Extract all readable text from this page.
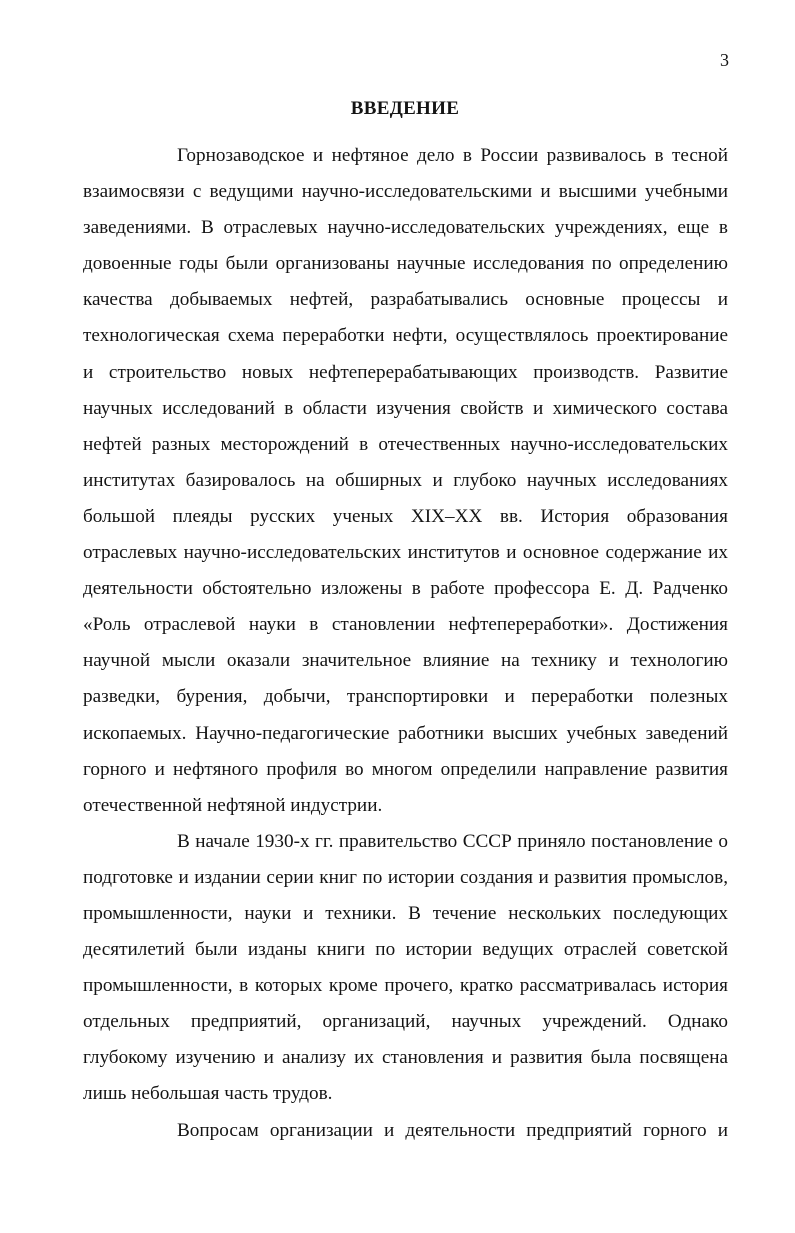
3
ВВЕДЕНИЕ
Горнозаводское и нефтяное дело в России развивалось в тесной
взаимосвязи с ведущими научно-исследовательскими и высшими учебными
заведениями. В отраслевых научно-исследовательских учреждениях, еще в
довоенные годы были организованы научные исследования по определению
качества добываемых нефтей, разрабатывались основные процессы и
технологическая схема переработки нефти, осуществлялось проектирование
и строительство новых нефтеперерабатывающих производств. Развитие
научных исследований в области изучения свойств и химического состава
нефтей разных месторождений в отечественных научно-исследовательских
институтах базировалось на обширных и глубоко научных исследованиях
большой плеяды русских ученых XIX–XX вв. История образования
отраслевых научно-исследовательских институтов и основное содержание их
деятельности обстоятельно изложены в работе профессора Е. Д. Радченко
«Роль отраслевой науки в становлении нефтепереработки». Достижения
научной мысли оказали значительное влияние на технику и технологию
разведки, бурения, добычи, транспортировки и переработки полезных
ископаемых. Научно-педагогические работники высших учебных заведений
горного и нефтяного профиля во многом определили направление развития
отечественной нефтяной индустрии.
В начале 1930-х гг. правительство СССР приняло постановление о
подготовке и издании серии книг по истории создания и развития промыслов,
промышленности, науки и техники. В течение нескольких последующих
десятилетий были изданы книги по истории ведущих отраслей советской
промышленности, в которых кроме прочего, кратко рассматривалась история
отдельных предприятий, организаций, научных учреждений. Однако
глубокому изучению и анализу их становления и развития была посвящена
лишь небольшая часть трудов.
Вопросам организации и деятельности предприятий горного и
